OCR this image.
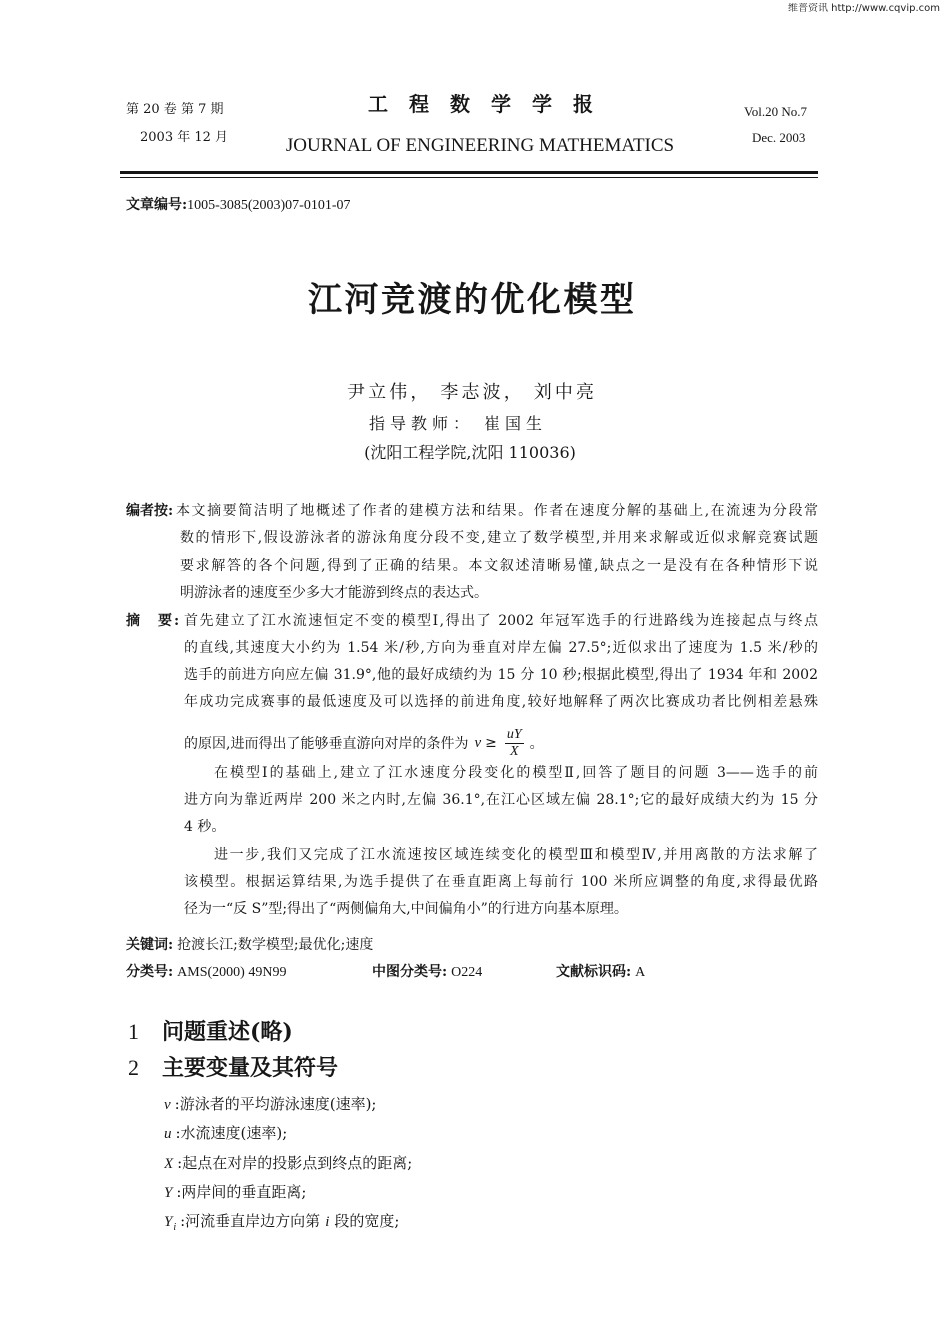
维普资讯 http://www.cqvip.com
第 20 卷 第 7 期
2003 年 12 月
工 程 数 学 学 报
JOURNAL OF ENGINEERING MATHEMATICS
Vol.20 No.7
Dec. 2003
文章编号:1005-3085(2003)07-0101-07
江河竞渡的优化模型
尹立伟， 李志波， 刘中亮
指导教师： 崔国生
(沈阳工程学院,沈阳 110036)
编者按: 本文摘要简洁明了地概述了作者的建模方法和结果。作者在速度分解的基础上,在流速为分段常
数的情形下,假设游泳者的游泳角度分段不变,建立了数学模型,并用来求解或近似求解竞赛试题
要求解答的各个问题,得到了正确的结果。本文叙述清晰易懂,缺点之一是没有在各种情形下说
明游泳者的速度至少多大才能游到终点的表达式。
摘　要: 首先建立了江水流速恒定不变的模型Ⅰ,得出了 2002 年冠军选手的行进路线为连接起点与终点
的直线,其速度大小约为 1.54 米/秒,方向为垂直对岸左偏 27.5°;近似求出了速度为 1.5 米/秒的
选手的前进方向应左偏 31.9°,他的最好成绩约为 15 分 10 秒;根据此模型,得出了 1934 年和 2002
年成功完成赛事的最低速度及可以选择的前进角度,较好地解释了两次比赛成功者比例相差悬殊
的原因,进而得出了能够垂直游向对岸的条件为 $v \ge \frac{uY}{X}$ 。
在模型Ⅰ的基础上,建立了江水速度分段变化的模型Ⅱ,回答了题目的问题 3——选手的前
进方向为靠近两岸 200 米之内时,左偏 36.1°,在江心区域左偏 28.1°;它的最好成绩大约为 15 分
4 秒。
进一步,我们又完成了江水流速按区域连续变化的模型Ⅲ和模型Ⅳ,并用离散的方法求解了
该模型。根据运算结果,为选手提供了在垂直距离上每前行 100 米所应调整的角度,求得最优路
径为一“反 S”型;得出了“两侧偏角大,中间偏角小”的行进方向基本原理。
关键词: 抢渡长江;数学模型;最优化;速度
分类号: AMS(2000) 49N99	中图分类号: O224	文献标识码: A
1 问题重述(略)
2 主要变量及其符号
v :游泳者的平均游泳速度(速率);
u :水流速度(速率);
X :起点在对岸的投影点到终点的距离;
Y :两岸间的垂直距离;
$Y_i$ :河流垂直岸边方向第 i 段的宽度;
